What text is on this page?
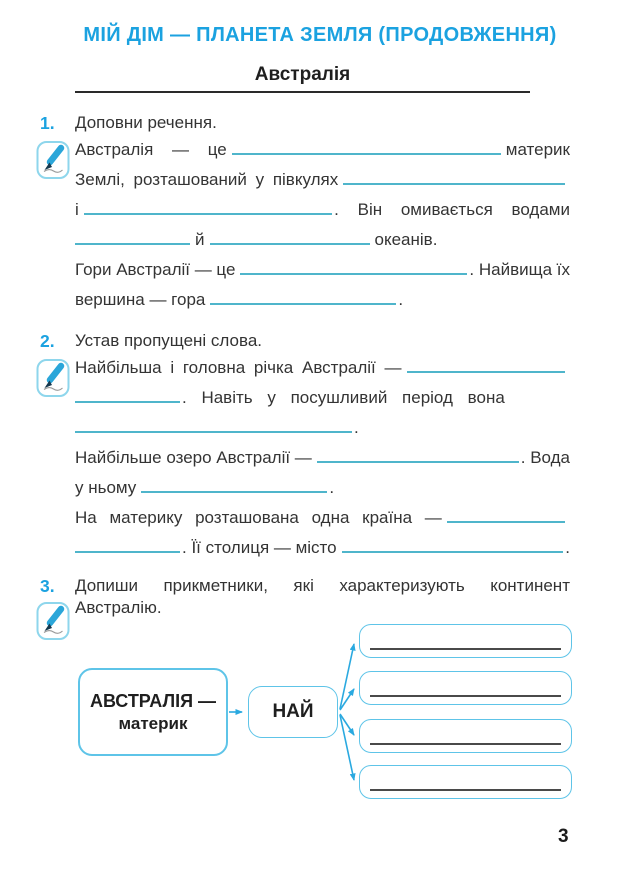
МІЙ ДІМ — ПЛАНЕТА ЗЕМЛЯ (ПРОДОВЖЕННЯ)
Австралія
1.	Доповни речення.
Австралія — це	материк
Землі, розташований у півкулях
і	. Він омивається водами
й	океанів.
Гори Австралії — це	. Найвища їх
вершина — гора	.
2.	Устав пропущені слова.
Найбільша і головна річка Австралії —
. Навіть у посушливий період вона
.
Найбільше озеро Австралії —	. Вода
у ньому	.
На материку розташована одна країна —
. Її столиця — місто	.
3.	Допиши прикметники, які характеризують континент
Австралію.
АВСТРАЛІЯ —
материк
НАЙ
3
